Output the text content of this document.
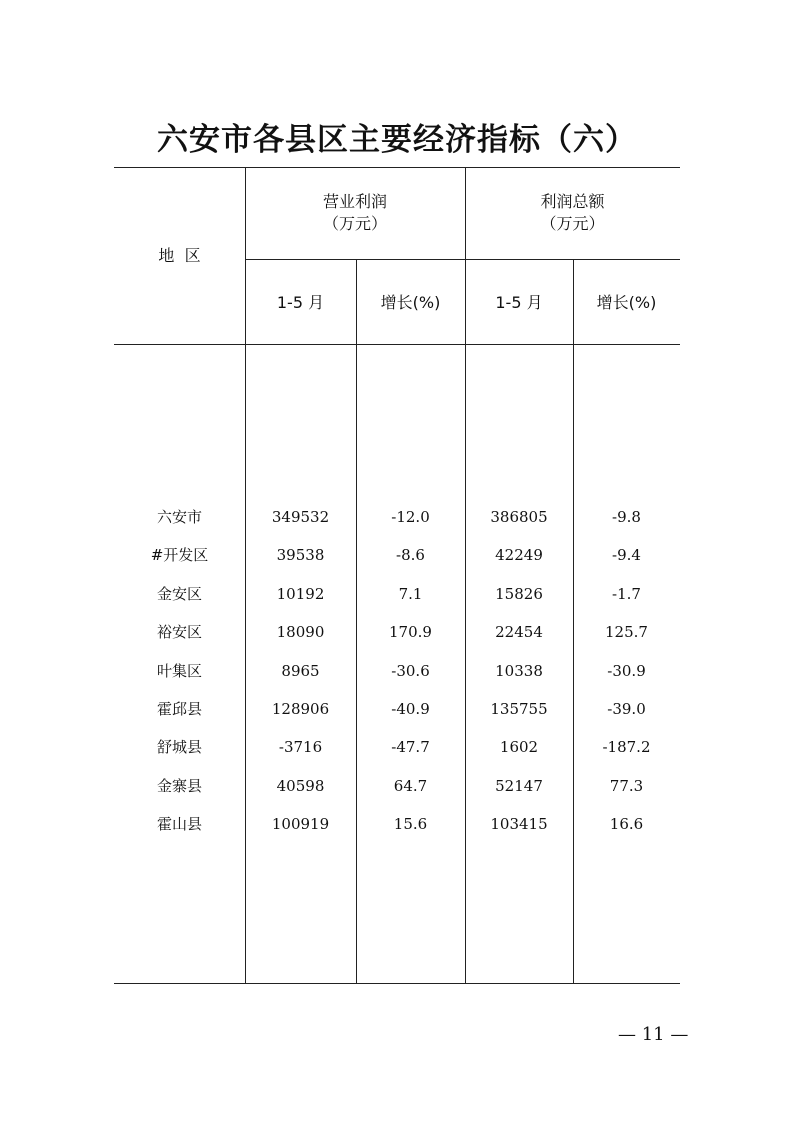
六安市各县区主要经济指标（六）
地  区
营业利润
（万元）
利润总额
（万元）
1-5 月	增长(%)	1-5 月	增长(%)
六安市	349532	-12.0	386805	-9.8
#开发区	39538	-8.6	42249	-9.4
金安区	10192	7.1	15826	-1.7
裕安区	18090	170.9	22454	125.7
叶集区	8965	-30.6	10338	-30.9
霍邱县	128906	-40.9	135755	-39.0
舒城县	-3716	-47.7	1602	-187.2
金寨县	40598	64.7	52147	77.3
霍山县	100919	15.6	103415	16.6
— 11 —
